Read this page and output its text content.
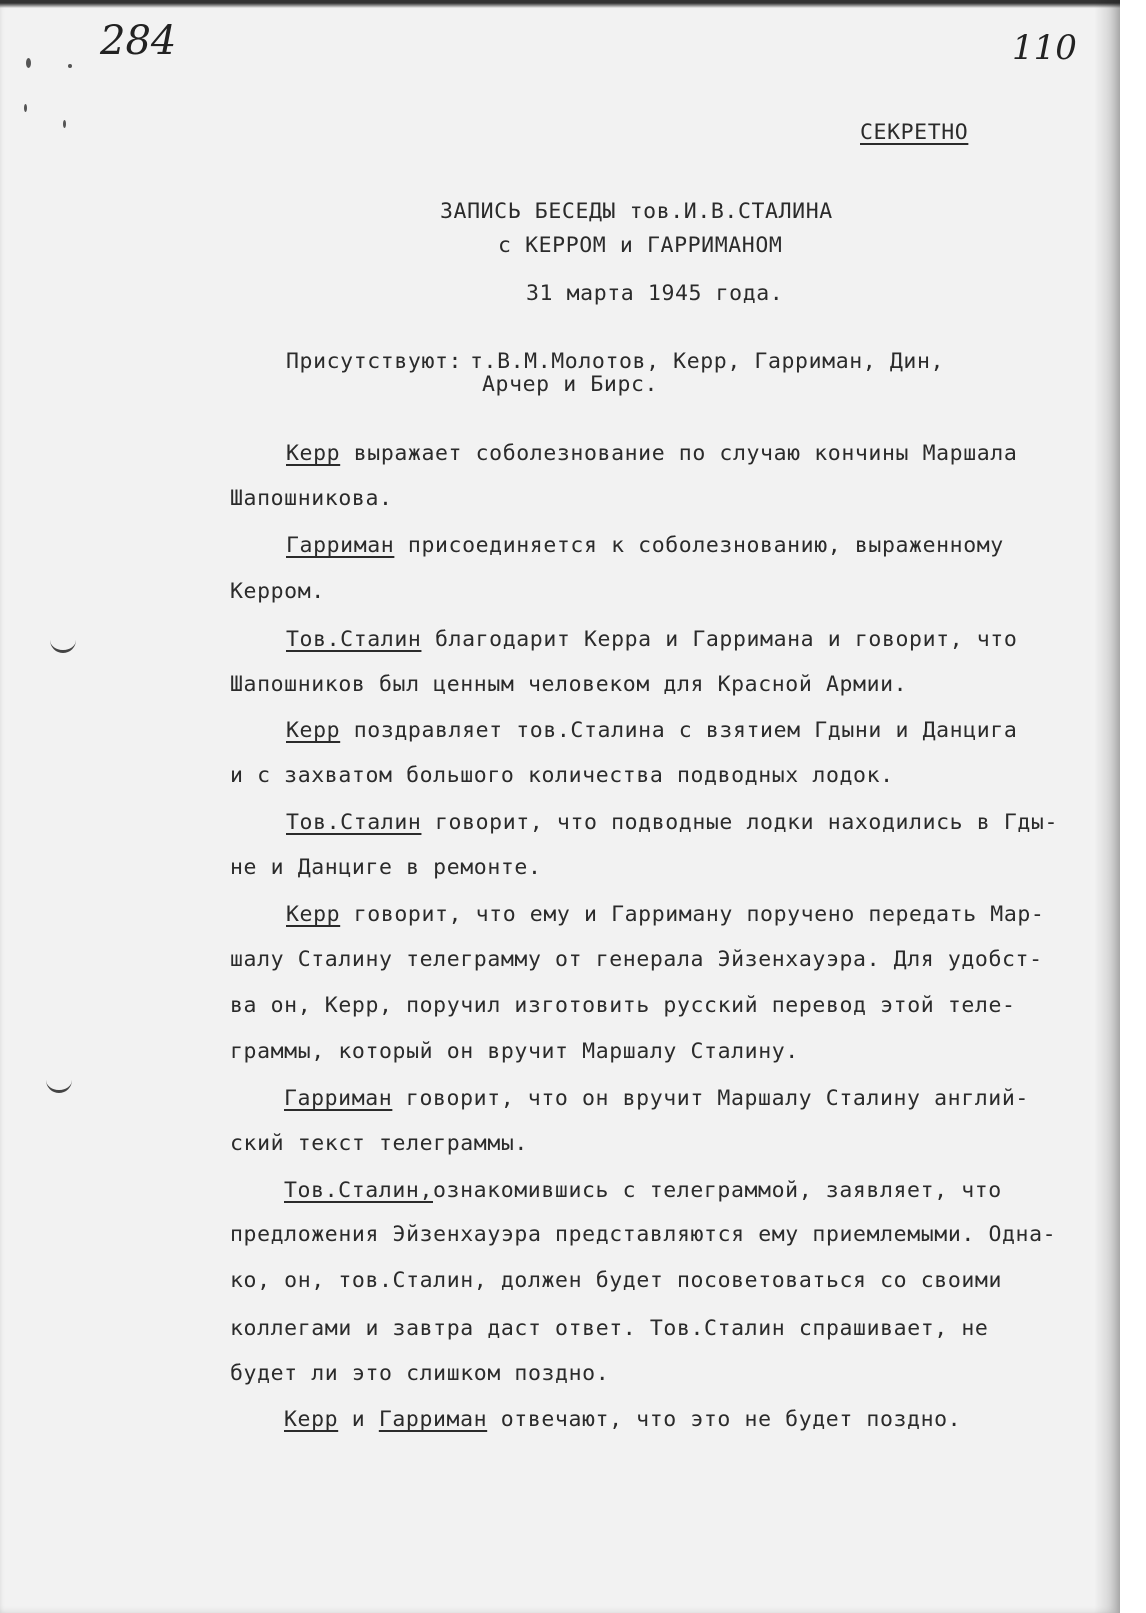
284	110
СЕКРЕТНО
ЗАПИСЬ БЕСЕДЫ тов.И.В.СТАЛИНА
с КЕРРОМ и ГАРРИМАНОМ
31 марта 1945 года.
Присутствуют: т.В.М.Молотов, Керр, Гарриман, Дин,
Арчер и Бирс.
Керр выражает соболезнование по случаю кончины Маршала
Шапошникова.
Гарриман присоединяется к соболезнованию, выраженному
Керром.
Тов.Сталин благодарит Керра и Гарримана и говорит, что
Шапошников был ценным человеком для Красной Армии.
Керр поздравляет тов.Сталина с взятием Гдыни и Данцига
и с захватом большого количества подводных лодок.
Тов.Сталин говорит, что подводные лодки находились в Гды-
не и Данциге в ремонте.
Керр говорит, что ему и Гарриману поручено передать Мар-
шалу Сталину телеграмму от генерала Эйзенхауэра. Для удобст-
ва он, Керр, поручил изготовить русский перевод этой теле-
граммы, который он вручит Маршалу Сталину.
Гарриман говорит, что он вручит Маршалу Сталину англий-
ский текст телеграммы.
Тов.Сталин,ознакомившись с телеграммой, заявляет, что
предложения Эйзенхауэра представляются ему приемлемыми. Одна-
ко, он, тов.Сталин, должен будет посоветоваться со своими
коллегами и завтра даст ответ. Тов.Сталин спрашивает, не
будет ли это слишком поздно.
Керр и Гарриман отвечают, что это не будет поздно.
